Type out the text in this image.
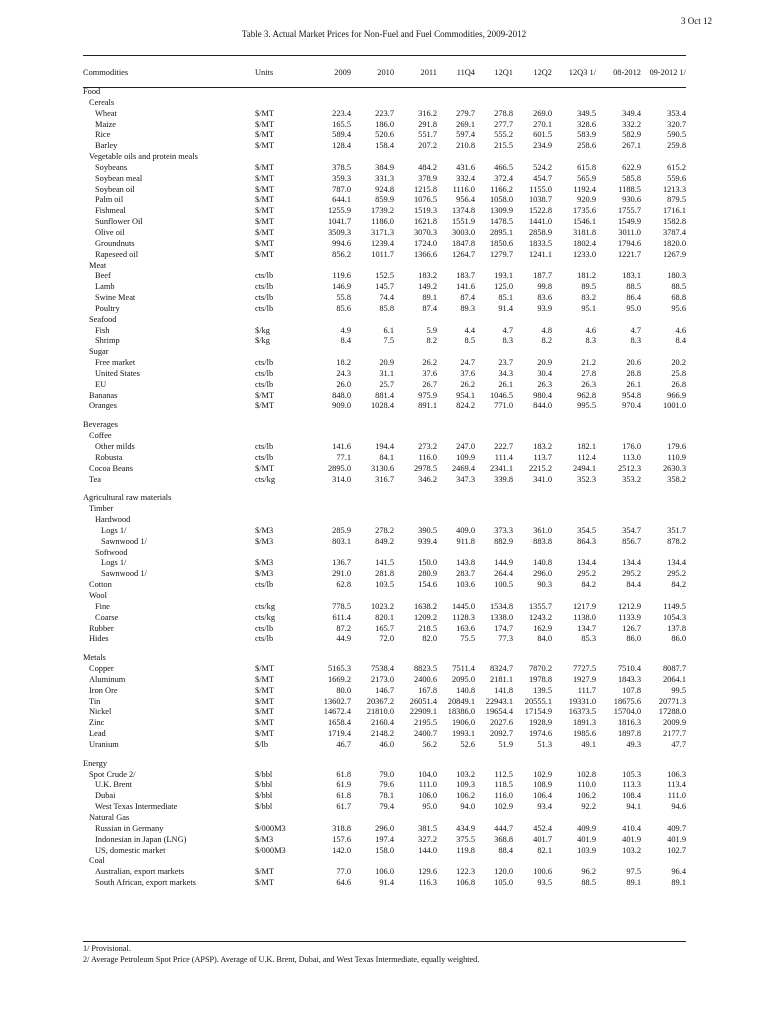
3 Oct 12
Table 3. Actual Market Prices for Non-Fuel and Fuel Commodities, 2009-2012
Commodities	Units	2009	2010	2011	11Q4	12Q1	12Q2	12Q3 1/	08-2012	09-2012 1/

Food										
Cereals										
Wheat	$/MT	223.4	223.7	316.2	279.7	278.8	269.0	349.5	349.4	353.4
Maize	$/MT	165.5	186.0	291.8	269.1	277.7	270.1	328.6	332.2	320.7
Rice	$/MT	589.4	520.6	551.7	597.4	555.2	601.5	583.9	582.9	590.5
Barley	$/MT	128.4	158.4	207.2	210.8	215.5	234.9	258.6	267.1	259.8
Vegetable oils and protein meals										
Soybeans	$/MT	378.5	384.9	484.2	431.6	466.5	524.2	615.8	622.9	615.2
Soybean meal	$/MT	359.3	331.3	378.9	332.4	372.4	454.7	565.9	585.8	559.6
Soybean oil	$/MT	787.0	924.8	1215.8	1116.0	1166.2	1155.0	1192.4	1188.5	1213.3
Palm oil	$/MT	644.1	859.9	1076.5	956.4	1058.0	1038.7	920.9	930.6	879.5
Fishmeal	$/MT	1255.9	1739.2	1519.3	1374.8	1309.9	1522.8	1735.6	1755.7	1716.1
Sunflower Oil	$/MT	1041.7	1186.0	1621.8	1551.9	1478.5	1441.0	1546.1	1549.9	1582.8
Olive oil	$/MT	3509.3	3171.3	3070.3	3003.0	2895.1	2858.9	3181.8	3011.0	3787.4
Groundnuts	$/MT	994.6	1239.4	1724.0	1847.8	1850.6	1833.5	1802.4	1794.6	1820.0
Rapeseed oil	$/MT	856.2	1011.7	1366.6	1264.7	1279.7	1241.1	1233.0	1221.7	1267.9
Meat										
Beef	cts/lb	119.6	152.5	183.2	183.7	193.1	187.7	181.2	183.1	180.3
Lamb	cts/lb	146.9	145.7	149.2	141.6	125.0	99.8	89.5	88.5	88.5
Swine Meat	cts/lb	55.8	74.4	89.1	87.4	85.1	83.6	83.2	86.4	68.8
Poultry	cts/lb	85.6	85.8	87.4	89.3	91.4	93.9	95.1	95.0	95.6
Seafood										
Fish	$/kg	4.9	6.1	5.9	4.4	4.7	4.8	4.6	4.7	4.6
Shrimp	$/kg	8.4	7.5	8.2	8.5	8.3	8.2	8.3	8.3	8.4
Sugar										
Free market	cts/lb	18.2	20.9	26.2	24.7	23.7	20.9	21.2	20.6	20.2
United States	cts/lb	24.3	31.1	37.6	37.6	34.3	30.4	27.8	28.8	25.8
EU	cts/lb	26.0	25.7	26.7	26.2	26.1	26.3	26.3	26.1	26.8
Bananas	$/MT	848.0	881.4	975.9	954.1	1046.5	980.4	962.8	954.8	966.9
Oranges	$/MT	909.0	1028.4	891.1	824.2	771.0	844.0	995.5	970.4	1001.0

Beverages										
Coffee										
Other milds	cts/lb	141.6	194.4	273.2	247.0	222.7	183.2	182.1	176.0	179.6
Robusta	cts/lb	77.1	84.1	116.0	109.9	111.4	113.7	112.4	113.0	110.9
Cocoa Beans	$/MT	2895.0	3130.6	2978.5	2469.4	2341.1	2215.2	2494.1	2512.3	2630.3
Tea	cts/kg	314.0	316.7	346.2	347.3	339.8	341.0	352.3	353.2	358.2

Agricultural raw materials										
Timber										
Hardwood										
Logs 1/	$/M3	285.9	278.2	390.5	409.0	373.3	361.0	354.5	354.7	351.7
Sawnwood 1/	$/M3	803.1	849.2	939.4	911.8	882.9	883.8	864.3	856.7	878.2
Softwood										
Logs 1/	$/M3	136.7	141.5	150.0	143.8	144.9	140.8	134.4	134.4	134.4
Sawnwood 1/	$/M3	291.0	281.8	280.9	283.7	264.4	296.0	295.2	295.2	295.2
Cotton	cts/lb	62.8	103.5	154.6	103.6	100.5	90.3	84.2	84.4	84.2
Wool										
Fine	cts/kg	778.5	1023.2	1638.2	1445.0	1534.8	1355.7	1217.9	1212.9	1149.5
Coarse	cts/kg	611.4	820.1	1209.2	1128.3	1338.0	1243.2	1138.0	1133.9	1054.3
Rubber	cts/lb	87.2	165.7	218.5	163.6	174.7	162.9	134.7	126.7	137.8
Hides	cts/lb	44.9	72.0	82.0	75.5	77.3	84.0	85.3	86.0	86.0

Metals										
Copper	$/MT	5165.3	7538.4	8823.5	7511.4	8324.7	7870.2	7727.5	7510.4	8087.7
Aluminum	$/MT	1669.2	2173.0	2400.6	2095.0	2181.1	1978.8	1927.9	1843.3	2064.1
Iron Ore	$/MT	80.0	146.7	167.8	140.8	141.8	139.5	111.7	107.8	99.5
Tin	$/MT	13602.7	20367.2	26051.4	20849.1	22943.1	20555.1	19331.0	18675.6	20771.3
Nickel	$/MT	14672.4	21810.0	22909.1	18386.0	19654.4	17154.9	16373.5	15704.0	17288.0
Zinc	$/MT	1658.4	2160.4	2195.5	1906.0	2027.6	1928.9	1891.3	1816.3	2009.9
Lead	$/MT	1719.4	2148.2	2400.7	1993.1	2092.7	1974.6	1985.6	1897.8	2177.7
Uranium	$/lb	46.7	46.0	56.2	52.6	51.9	51.3	49.1	49.3	47.7

Energy										
Spot Crude 2/	$/bbl	61.8	79.0	104.0	103.2	112.5	102.9	102.8	105.3	106.3
U.K. Brent	$/bbl	61.9	79.6	111.0	109.3	118.5	108.9	110.0	113.3	113.4
Dubai	$/bbl	61.8	78.1	106.0	106.2	116.0	106.4	106.2	108.4	111.0
West Texas Intermediate	$/bbl	61.7	79.4	95.0	94.0	102.9	93.4	92.2	94.1	94.6
Natural Gas										
Russian in Germany	$/000M3	318.8	296.0	381.5	434.9	444.7	452.4	409.9	410.4	409.7
Indonesian in Japan (LNG)	$/M3	157.6	197.4	327.2	375.5	368.8	401.7	401.9	401.9	401.9
US, domestic market	$/000M3	142.0	158.0	144.0	119.8	88.4	82.1	103.9	103.2	102.7
Coal										
Australian, export markets	$/MT	77.0	106.0	129.6	122.3	120.0	100.6	96.2	97.5	96.4
South African, export markets	$/MT	64.6	91.4	116.3	106.8	105.0	93.5	88.5	89.1	89.1
1/ Provisional.
2/ Average Petroleum Spot Price (APSP). Average of U.K. Brent, Dubai, and West Texas Intermediate, equally weighted.
